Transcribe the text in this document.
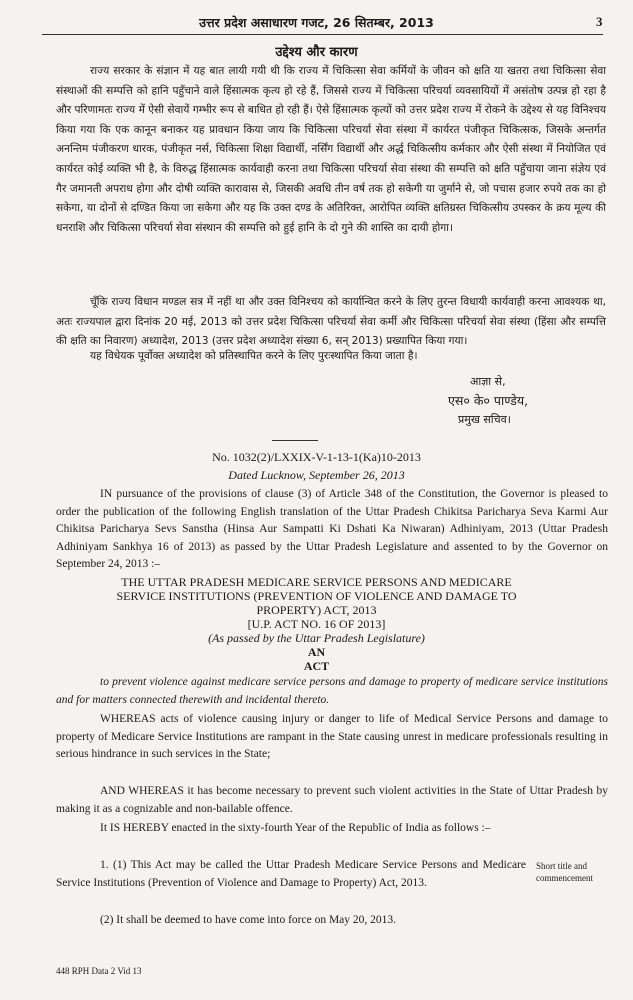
उत्तर प्रदेश असाधारण गजट, 26 सितम्बर, 2013	3
उद्देश्य और कारण

राज्य सरकार के संज्ञान में यह बात लायी गयी थी कि राज्य में चिकित्सा सेवा कर्मियों के जीवन को क्षति या खतरा तथा चिकित्सा सेवा संस्थाओं की सम्पत्ति को हानि पहुँचाने वाले हिंसात्मक कृत्य हो रहे हैं, जिससे राज्य में चिकित्सा परिचर्या व्यवसायियों में असंतोष उत्पन्न हो रहा है और परिणामतः राज्य में ऐसी सेवायें गम्भीर रूप से बाधित हो रही हैं। ऐसे हिंसात्मक कृत्यों को उत्तर प्रदेश राज्य में रोकने के उद्देश्य से यह विनिश्चय किया गया कि एक कानून बनाकर यह प्रावधान किया जाय कि चिकित्सा परिचर्या सेवा संस्था में कार्यरत पंजीकृत चिकित्सक, जिसके अन्तर्गत अनन्तिम पंजीकरण धारक, पंजीकृत नर्स, चिकित्सा शिक्षा विद्यार्थी, नर्सिंग विद्यार्थी और अर्द्ध चिकित्सीय कर्मकार और ऐसी संस्था में नियोजित एवं कार्यरत कोई व्यक्ति भी है, के विरुद्ध हिंसात्मक कार्यवाही करना तथा चिकित्सा परिचर्या सेवा संस्था की सम्पत्ति को क्षति पहुँचाया जाना संज्ञेय एवं गैर जमानती अपराध होगा और दोषी व्यक्ति कारावास से, जिसकी अवधि तीन वर्ष तक हो सकेगी या जुर्माने से, जो पचास हजार रुपये तक का हो सकेगा, या दोनों से दण्डित किया जा सकेगा और यह कि उक्त दण्ड के अतिरिक्त, आरोपित व्यक्ति क्षतिग्रस्त चिकित्सीय उपस्कर के क्रय मूल्य की धनराशि और चिकित्सा परिचर्या सेवा संस्थान की सम्पत्ति को हुई हानि के दो गुने की शास्ति का दायी होगा।

चूँकि राज्य विधान मण्डल सत्र में नहीं था और उक्त विनिश्चय को कार्यान्वित करने के लिए तुरन्त विधायी कार्यवाही करना आवश्यक था, अतः राज्यपाल द्वारा दिनांक 20 मई, 2013 को उत्तर प्रदेश चिकित्सा परिचर्या सेवा कर्मी और चिकित्सा परिचर्या सेवा संस्था (हिंसा और सम्पत्ति की क्षति का निवारण) अध्यादेश, 2013 (उत्तर प्रदेश अध्यादेश संख्या 6, सन् 2013) प्रख्यापित किया गया।

यह विधेयक पूर्वोक्त अध्यादेश को प्रतिस्थापित करने के लिए पुरःस्थापित किया जाता है।

आज्ञा से,
एस० के० पाण्डेय,
प्रमुख सचिव।
No. 1032(2)/LXXIX-V-1-13-1(Ka)10-2013
Dated Lucknow, September 26, 2013

IN pursuance of the provisions of clause (3) of Article 348 of the Constitution, the Governor is pleased to order the publication of the following English translation of the Uttar Pradesh Chikitsa Paricharya Seva Karmi Aur Chikitsa Paricharya Sevs Sanstha (Hinsa Aur Sampatti Ki Dshati Ka Niwaran) Adhiniyam, 2013 (Uttar Pradesh Adhiniyam Sankhya 16 of 2013) as passed by the Uttar Pradesh Legislature and assented to by the Governor on September 24, 2013 :–

THE UTTAR PRADESH MEDICARE SERVICE PERSONS AND MEDICARE
SERVICE INSTITUTIONS (PREVENTION OF VIOLENCE AND DAMAGE TO
PROPERTY) ACT, 2013
[U.P. ACT NO. 16 OF 2013]
(As passed by the Uttar Pradesh Legislature)
AN
ACT

to prevent violence against medicare service persons and damage to property of medicare service institutions and for matters connected therewith and incidental thereto.

WHEREAS acts of violence causing injury or danger to life of Medical Service Persons and damage to property of Medicare Service Institutions are rampant in the State causing unrest in medicare professionals resulting in serious hindrance in such services in the State;

AND WHEREAS it has become necessary to prevent such violent activities in the State of Uttar Pradesh by making it as a cognizable and non-bailable offence.

It IS HEREBY enacted in the sixty-fourth Year of the Republic of India as follows :–

1. (1) This Act may be called the Uttar Pradesh Medicare Service Persons and Medicare Service Institutions (Prevention of Violence and Damage to Property) Act, 2013.

Short title and
commencement

(2) It shall be deemed to have come into force on May 20, 2013.

448 RPH Data 2 Vid 13
